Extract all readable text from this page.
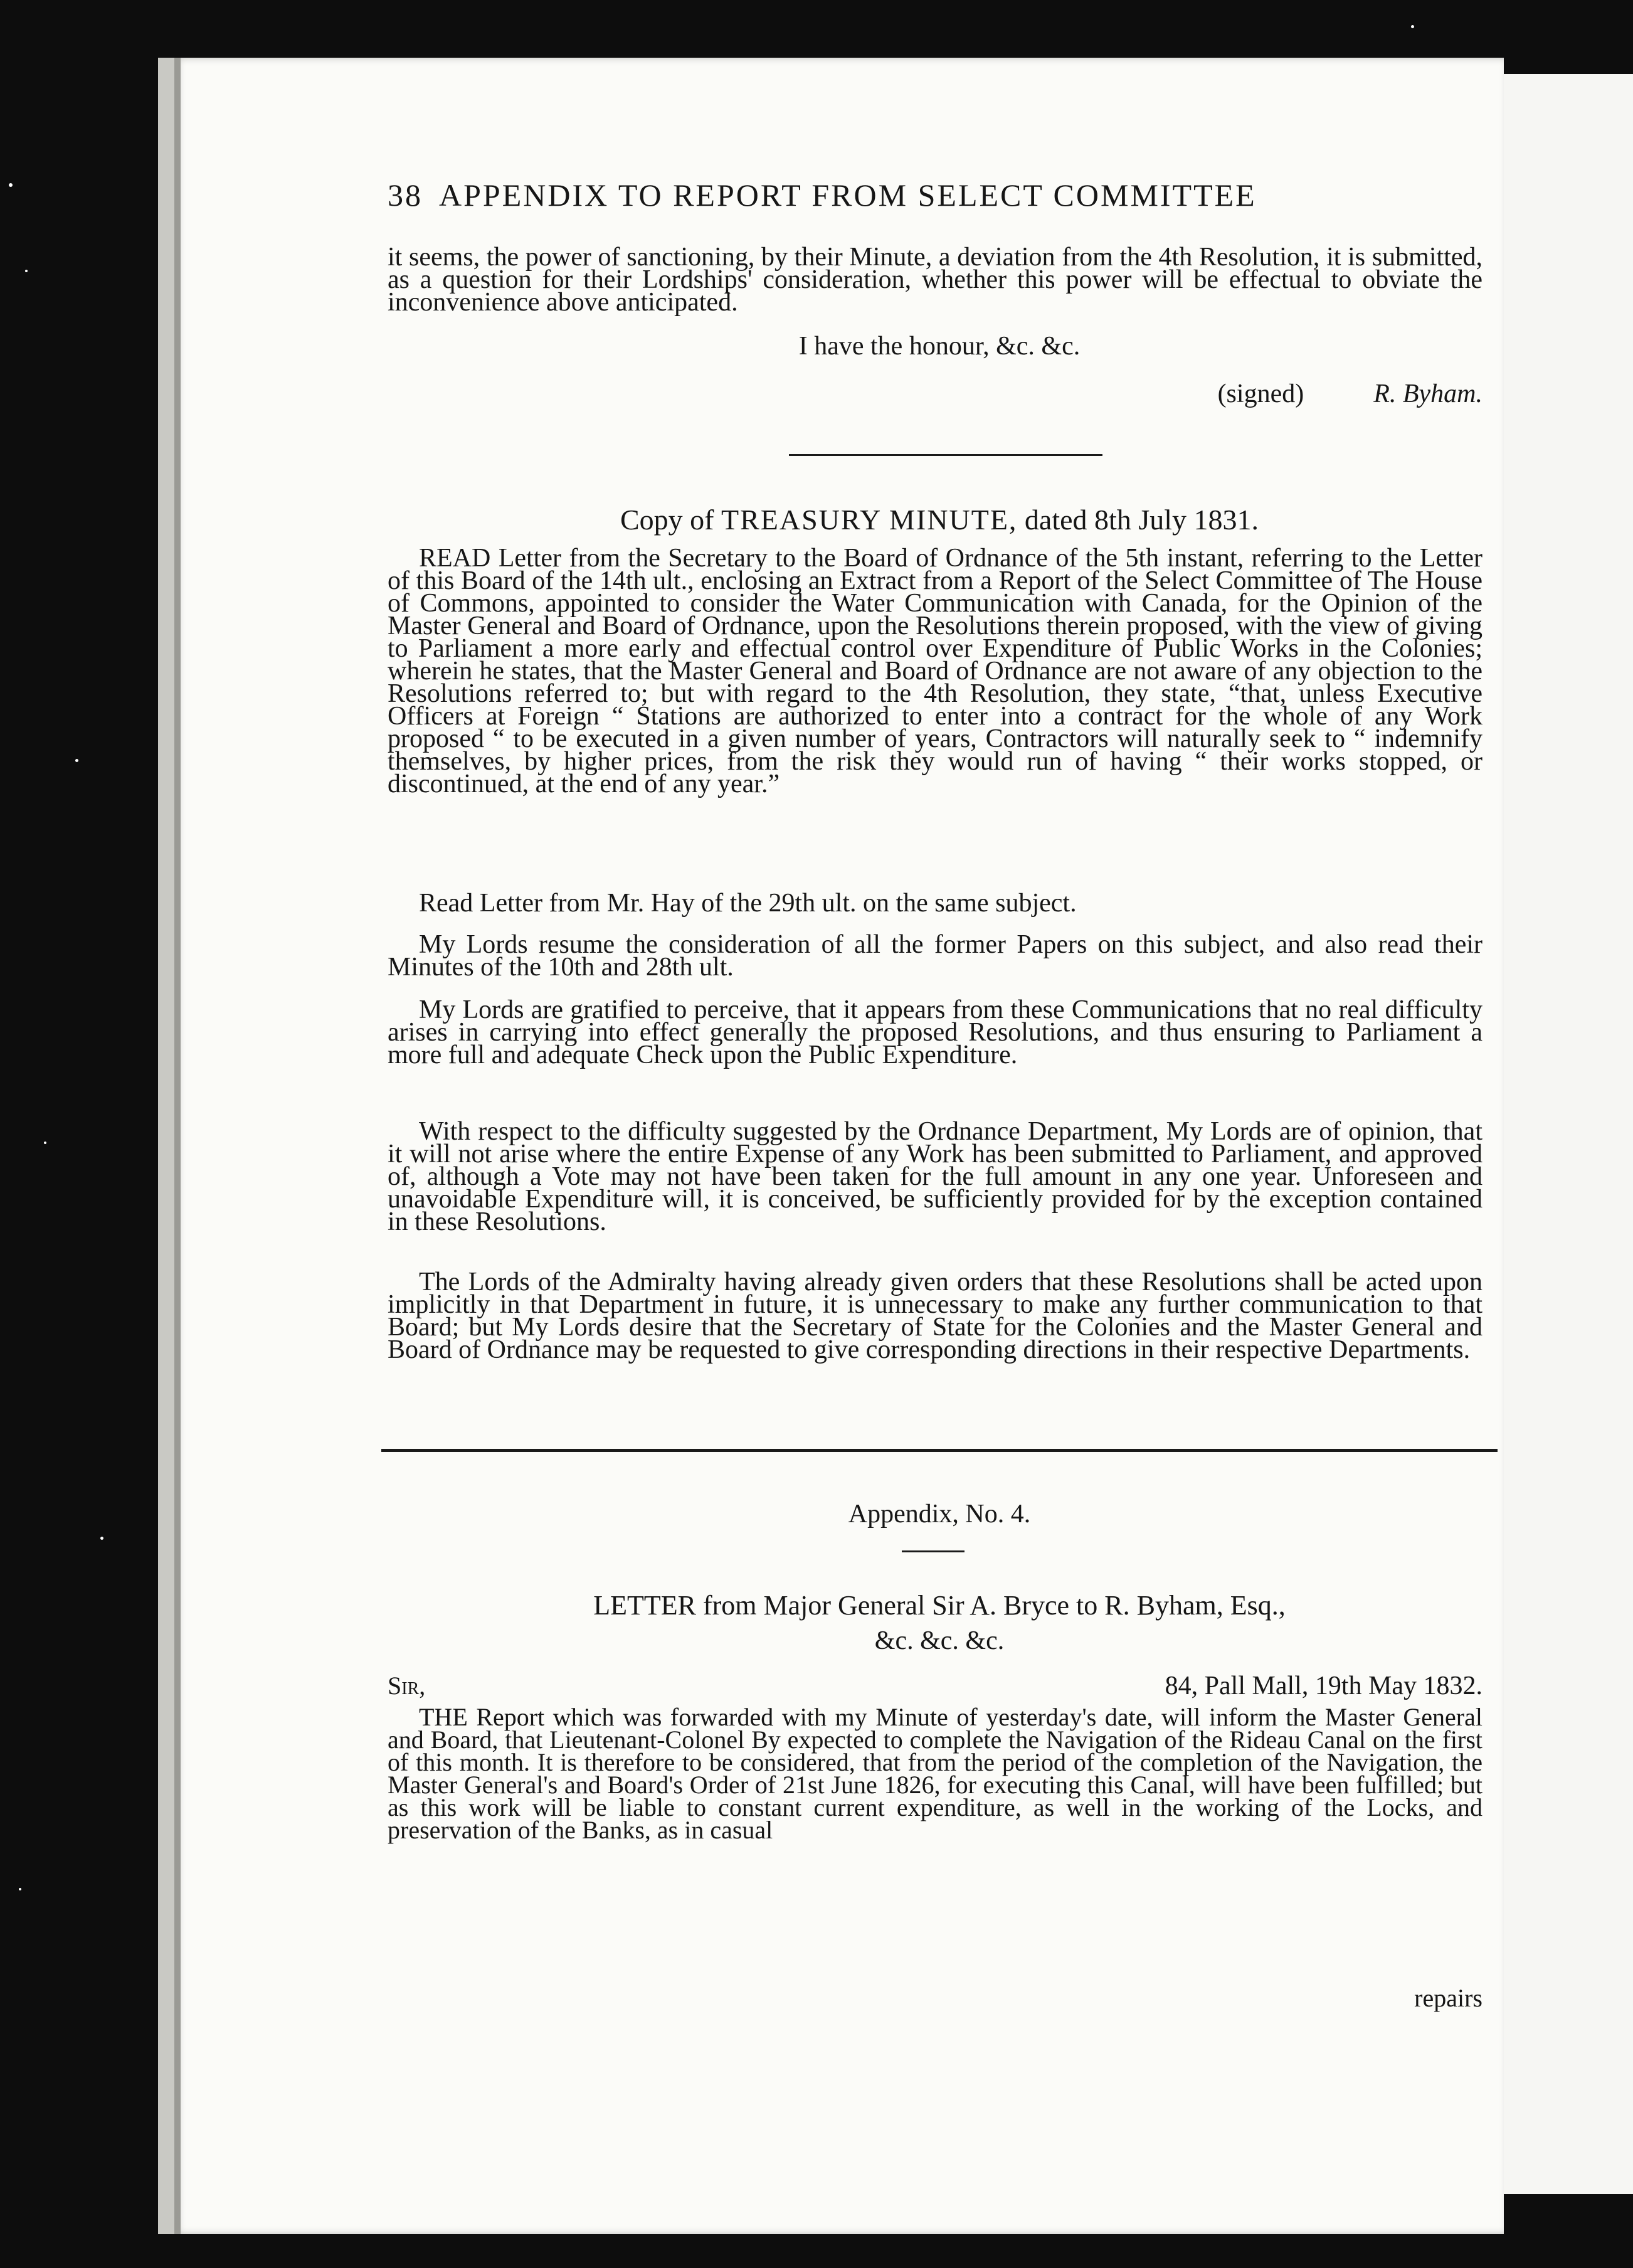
38 APPENDIX TO REPORT FROM SELECT COMMITTEE
it seems, the power of sanctioning, by their Minute, a deviation from the 4th Resolution, it is submitted, as a question for their Lordships' consideration, whether this power will be effectual to obviate the inconvenience above anticipated.
I have the honour, &c. &c.
(signed)	R. Byham.
Copy of TREASURY MINUTE, dated 8th July 1831.
READ Letter from the Secretary to the Board of Ordnance of the 5th instant, referring to the Letter of this Board of the 14th ult., enclosing an Extract from a Report of the Select Committee of The House of Commons, appointed to consider the Water Communication with Canada, for the Opinion of the Master General and Board of Ordnance, upon the Resolutions therein proposed, with the view of giving to Parliament a more early and effectual control over Expenditure of Public Works in the Colonies; wherein he states, that the Master General and Board of Ordnance are not aware of any objection to the Resolutions referred to; but with regard to the 4th Resolution, they state, “that, unless Executive Officers at Foreign “ Stations are authorized to enter into a contract for the whole of any Work proposed “ to be executed in a given number of years, Contractors will naturally seek to “ indemnify themselves, by higher prices, from the risk they would run of having “ their works stopped, or discontinued, at the end of any year.”
Read Letter from Mr. Hay of the 29th ult. on the same subject.
My Lords resume the consideration of all the former Papers on this subject, and also read their Minutes of the 10th and 28th ult.
My Lords are gratified to perceive, that it appears from these Communications that no real difficulty arises in carrying into effect generally the proposed Resolutions, and thus ensuring to Parliament a more full and adequate Check upon the Public Expenditure.
With respect to the difficulty suggested by the Ordnance Department, My Lords are of opinion, that it will not arise where the entire Expense of any Work has been submitted to Parliament, and approved of, although a Vote may not have been taken for the full amount in any one year. Unforeseen and unavoidable Expenditure will, it is conceived, be sufficiently provided for by the exception contained in these Resolutions.
The Lords of the Admiralty having already given orders that these Resolutions shall be acted upon implicitly in that Department in future, it is unnecessary to make any further communication to that Board; but My Lords desire that the Secretary of State for the Colonies and the Master General and Board of Ordnance may be requested to give corresponding directions in their respective Departments.
Appendix, No. 4.
LETTER from Major General Sir A. Bryce to R. Byham, Esq.,
&c. &c. &c.
Sir,	84, Pall Mall, 19th May 1832.
THE Report which was forwarded with my Minute of yesterday's date, will inform the Master General and Board, that Lieutenant-Colonel By expected to complete the Navigation of the Rideau Canal on the first of this month. It is therefore to be considered, that from the period of the completion of the Navigation, the Master General's and Board's Order of 21st June 1826, for executing this Canal, will have been fulfilled; but as this work will be liable to constant current expenditure, as well in the working of the Locks, and preservation of the Banks, as in casual
repairs
